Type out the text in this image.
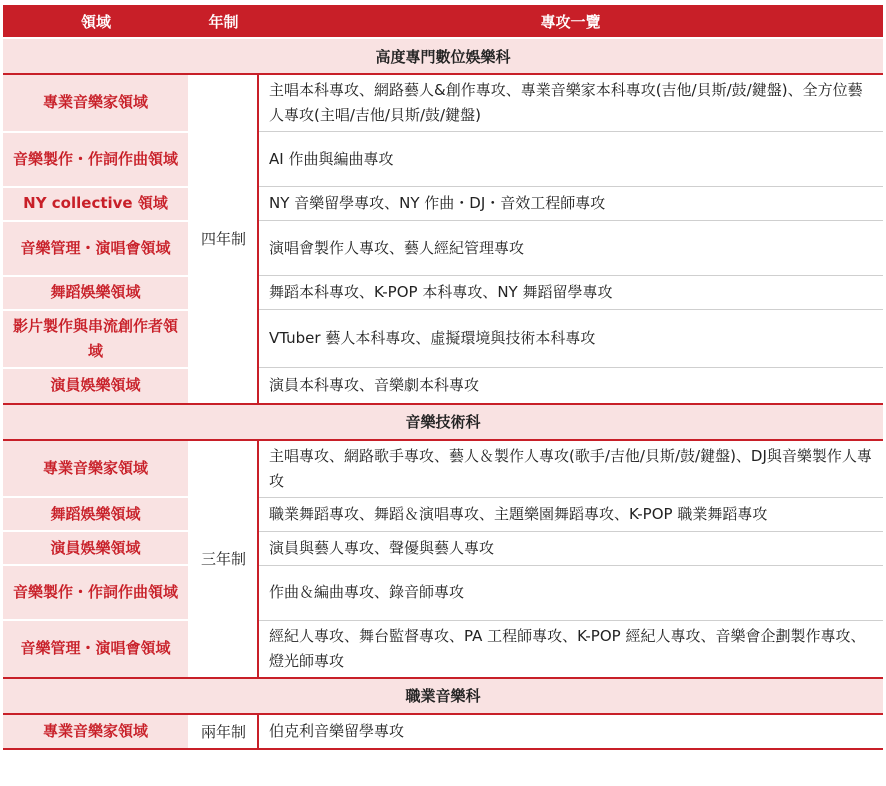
領域	年制	專攻一覽
高度專門數位娛樂科		
專業音樂家領域	四年制	主唱本科專攻、網路藝人&創作專攻、專業音樂家本科專攻(吉他/貝斯/鼓/鍵盤)、全方位藝人專攻(主唱/吉他/貝斯/鼓/鍵盤)
音樂製作・作詞作曲領域		AI 作曲與編曲專攻
NY collective 領域		NY 音樂留學專攻、NY 作曲・DJ・音效工程師專攻
音樂管理・演唱會領域		演唱會製作人專攻、藝人經紀管理專攻
舞蹈娛樂領域		舞蹈本科專攻、K-POP 本科專攻、NY 舞蹈留學專攻
影片製作與串流創作者領域		VTuber 藝人本科專攻、虛擬環境與技術本科專攻
演員娛樂領域		演員本科專攻、音樂劇本科專攻
音樂技術科		
專業音樂家領域	三年制	主唱專攻、網路歌手專攻、藝人＆製作人專攻(歌手/吉他/貝斯/鼓/鍵盤)、DJ與音樂製作人專攻
舞蹈娛樂領域		職業舞蹈專攻、舞蹈＆演唱專攻、主題樂園舞蹈專攻、K-POP 職業舞蹈專攻
演員娛樂領域		演員與藝人專攻、聲優與藝人專攻
音樂製作・作詞作曲領域		作曲＆編曲專攻、錄音師專攻
音樂管理・演唱會領域		經紀人專攻、舞台監督專攻、PA 工程師專攻、K-POP 經紀人專攻、音樂會企劃製作專攻、燈光師專攻
職業音樂科		
專業音樂家領域	兩年制	伯克利音樂留學專攻
